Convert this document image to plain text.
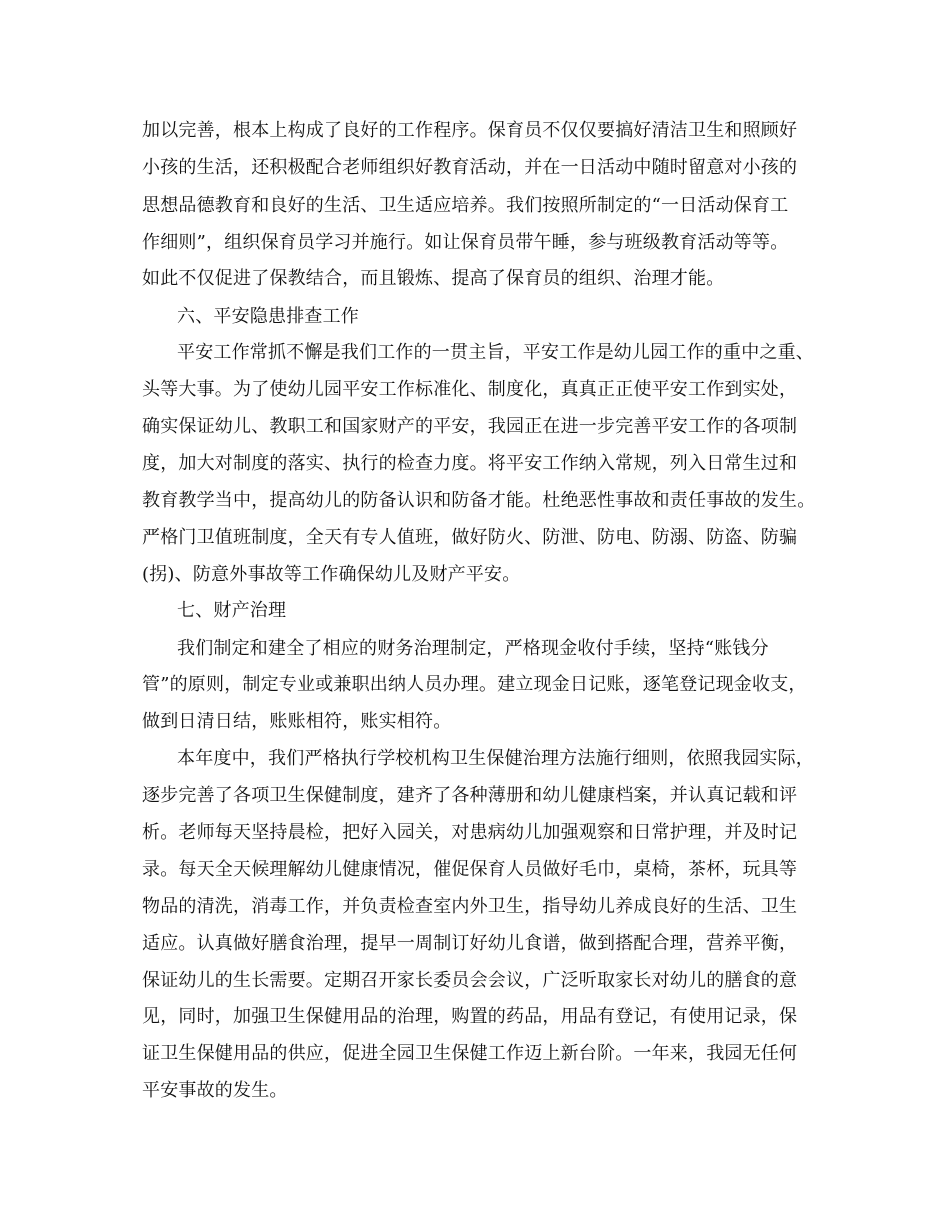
加以完善，根本上构成了良好的工作程序。保育员不仅仅要搞好清洁卫生和照顾好
小孩的生活，还积极配合老师组织好教育活动，并在一日活动中随时留意对小孩的
思想品德教育和良好的生活、卫生适应培养。我们按照所制定的“一日活动保育工
作细则”，组织保育员学习并施行。如让保育员带午睡，参与班级教育活动等等。
如此不仅促进了保教结合，而且锻炼、提高了保育员的组织、治理才能。
六、平安隐患排查工作
平安工作常抓不懈是我们工作的一贯主旨，平安工作是幼儿园工作的重中之重、
头等大事。为了使幼儿园平安工作标准化、制度化，真真正正使平安工作到实处，
确实保证幼儿、教职工和国家财产的平安，我园正在进一步完善平安工作的各项制
度，加大对制度的落实、执行的检查力度。将平安工作纳入常规，列入日常生过和
教育教学当中，提高幼儿的防备认识和防备才能。杜绝恶性事故和责任事故的发生。
严格门卫值班制度，全天有专人值班，做好防火、防泄、防电、防溺、防盗、防骗
(拐)、防意外事故等工作确保幼儿及财产平安。
七、财产治理
我们制定和建全了相应的财务治理制定，严格现金收付手续，坚持“账钱分
管”的原则，制定专业或兼职出纳人员办理。建立现金日记账，逐笔登记现金收支，
做到日清日结，账账相符，账实相符。
本年度中，我们严格执行学校机构卫生保健治理方法施行细则，依照我园实际，
逐步完善了各项卫生保健制度，建齐了各种薄册和幼儿健康档案，并认真记载和评
析。老师每天坚持晨检，把好入园关，对患病幼儿加强观察和日常护理，并及时记
录。每天全天候理解幼儿健康情况，催促保育人员做好毛巾，桌椅，茶杯，玩具等
物品的清洗，消毒工作，并负责检查室内外卫生，指导幼儿养成良好的生活、卫生
适应。认真做好膳食治理，提早一周制订好幼儿食谱，做到搭配合理，营养平衡，
保证幼儿的生长需要。定期召开家长委员会会议，广泛听取家长对幼儿的膳食的意
见，同时，加强卫生保健用品的治理，购置的药品，用品有登记，有使用记录，保
证卫生保健用品的供应，促进全园卫生保健工作迈上新台阶。一年来，我园无任何
平安事故的发生。
